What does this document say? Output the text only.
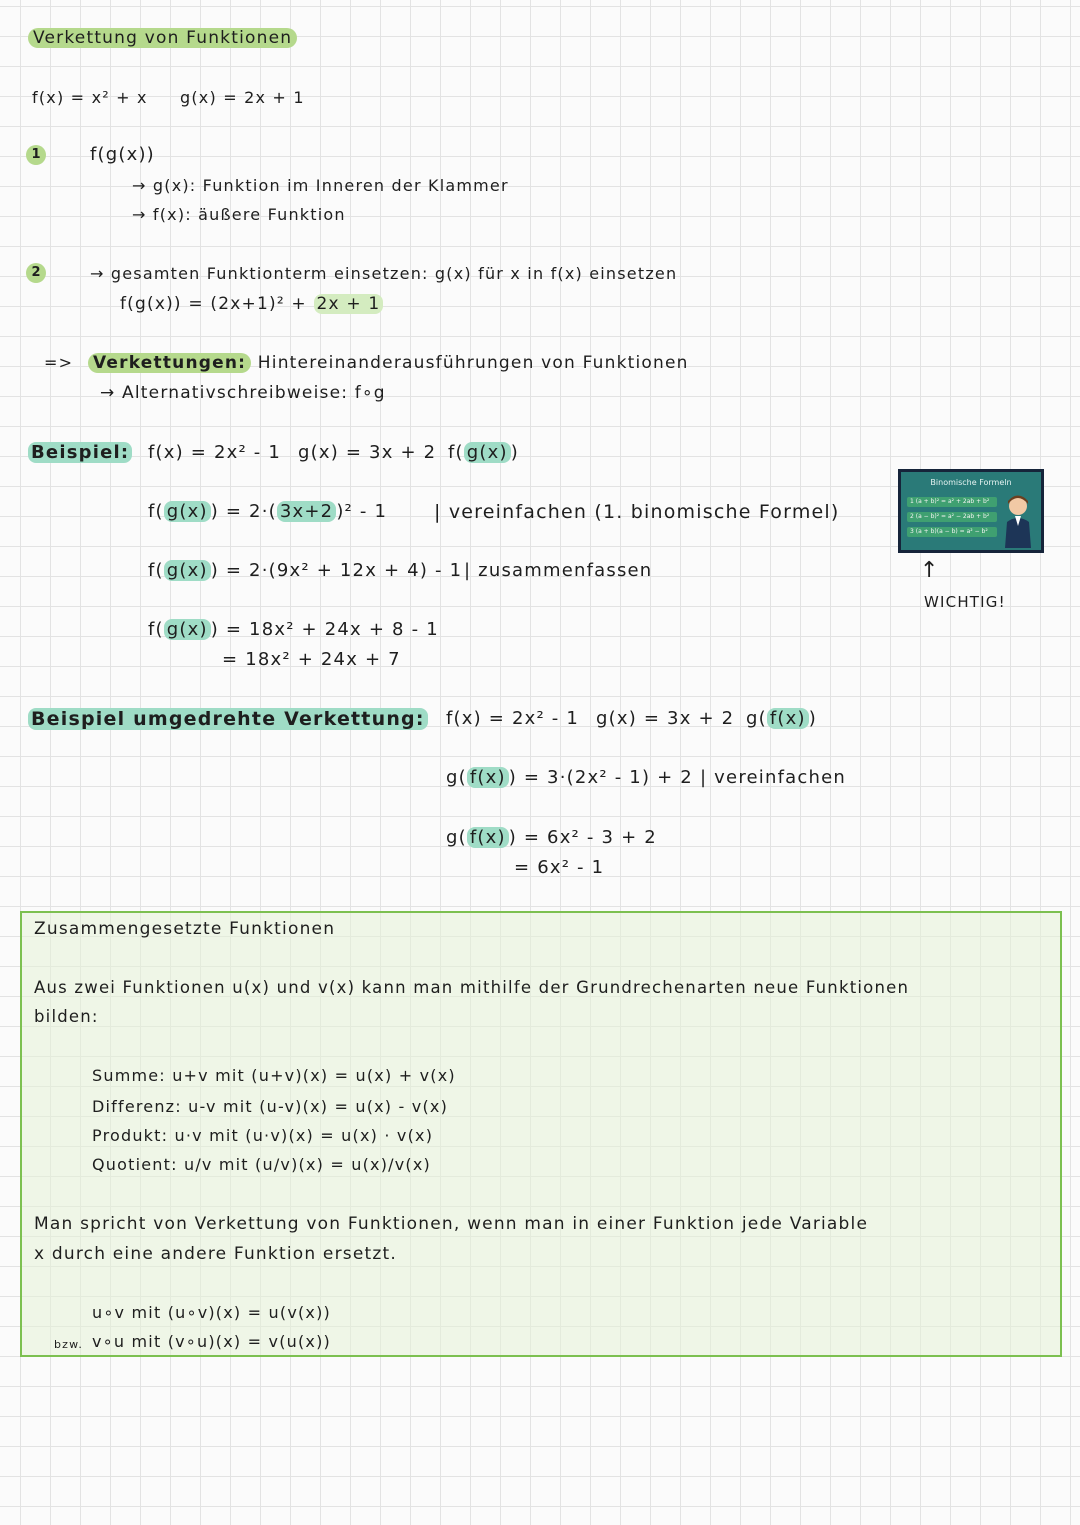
Verkettung von Funktionen
f(x) = x² + x g(x) = 2x + 1
1	f(g(x))
→ g(x): Funktion im Inneren der Klammer
→ f(x): äußere Funktion
2	→ gesamten Funktionterm einsetzen: g(x) für x in f(x) einsetzen
f(g(x)) = (2x+1)² + 2x + 1
=> Verkettungen: Hintereinanderausführungen von Funktionen
→ Alternativschreibweise: f∘g
Beispiel: f(x) = 2x² - 1 g(x) = 3x + 2 f( g(x) )
f( g(x) ) = 2·( 3x+2 )² - 1 | vereinfachen (1. binomische Formel)
f( g(x) ) = 2·(9x² + 12x + 4) - 1 | zusammenfassen
f( g(x) ) = 18x² + 24x + 8 - 1
= 18x² + 24x + 7
Binomische Formeln
1 (a + b)² = a² + 2ab + b²
2 (a − b)² = a² − 2ab + b²
3 (a + b)(a − b) = a² − b²
↑
WICHTIG!
Beispiel umgedrehte Verkettung: f(x) = 2x² - 1 g(x) = 3x + 2 g( f(x) )
g( f(x) ) = 3·(2x² - 1) + 2 | vereinfachen
g( f(x) ) = 6x² - 3 + 2
= 6x² - 1
Zusammengesetzte Funktionen
Aus zwei Funktionen u(x) und v(x) kann man mithilfe der Grundrechenarten neue Funktionen
bilden:
Summe: u+v mit (u+v)(x) = u(x) + v(x)
Differenz: u-v mit (u-v)(x) = u(x) - v(x)
Produkt: u·v mit (u·v)(x) = u(x) · v(x)
Quotient: u/v mit (u/v)(x) = u(x)/v(x)
Man spricht von Verkettung von Funktionen, wenn man in einer Funktion jede Variable
x durch eine andere Funktion ersetzt.
u∘v mit (u∘v)(x) = u(v(x))
bzw. v∘u mit (v∘u)(x) = v(u(x))
